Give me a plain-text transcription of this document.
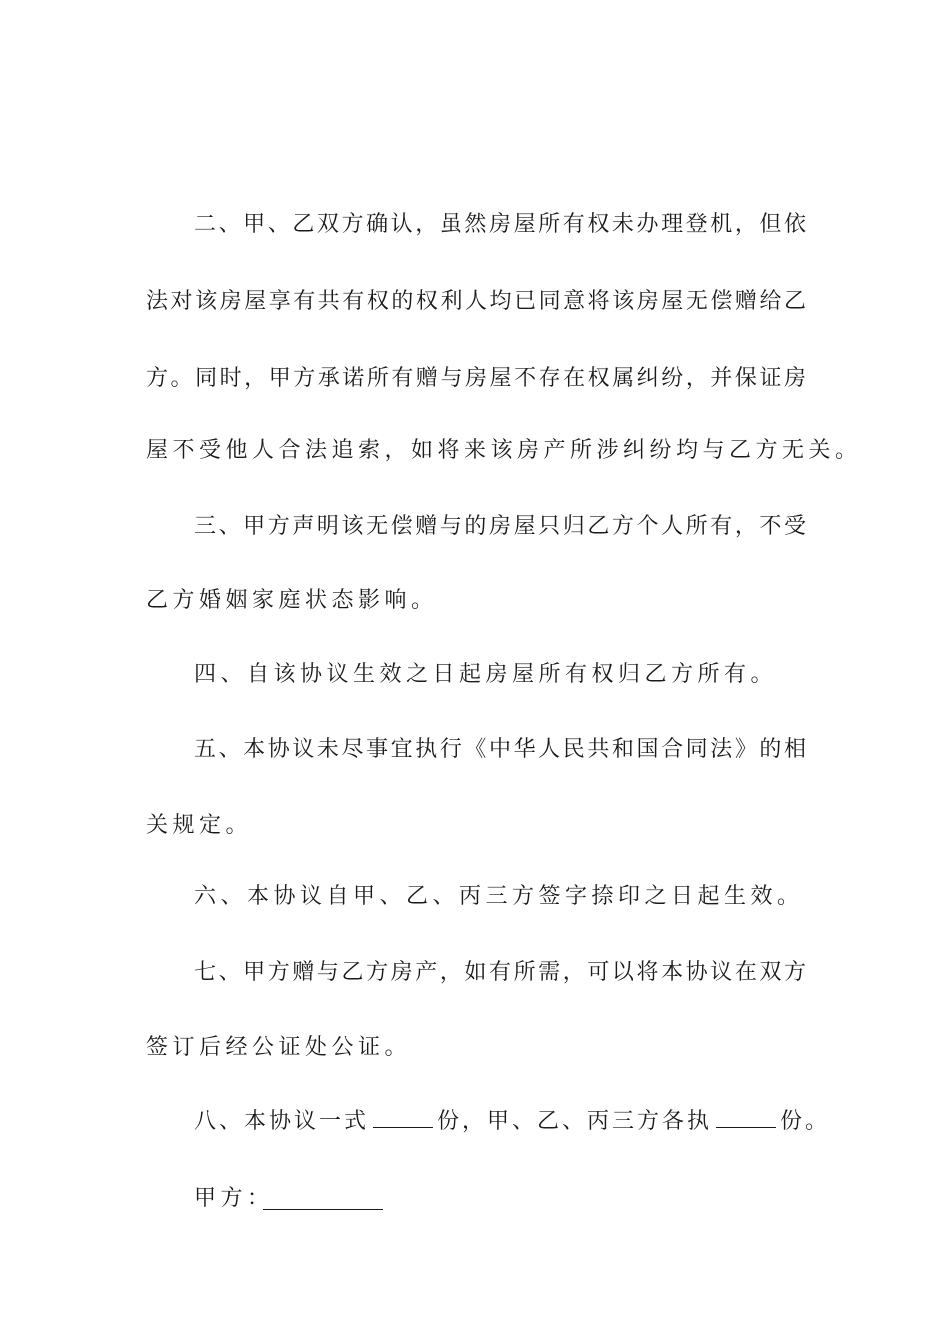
二、甲、乙双方确认，虽然房屋所有权未办理登机，但依
法对该房屋享有共有权的权利人均已同意将该房屋无偿赠给乙
方。同时，甲方承诺所有赠与房屋不存在权属纠纷，并保证房
屋不受他人合法追索，如将来该房产所涉纠纷均与乙方无关。
三、甲方声明该无偿赠与的房屋只归乙方个人所有，不受
乙方婚姻家庭状态影响。
四、自该协议生效之日起房屋所有权归乙方所有。
五、本协议未尽事宜执行《中华人民共和国合同法》的相
关规定。
六、本协议自甲、乙、丙三方签字捺印之日起生效。
七、甲方赠与乙方房产，如有所需，可以将本协议在双方
签订后经公证处公证。
八、本协议一式	份，甲、乙、丙三方各执	份。
甲方：
